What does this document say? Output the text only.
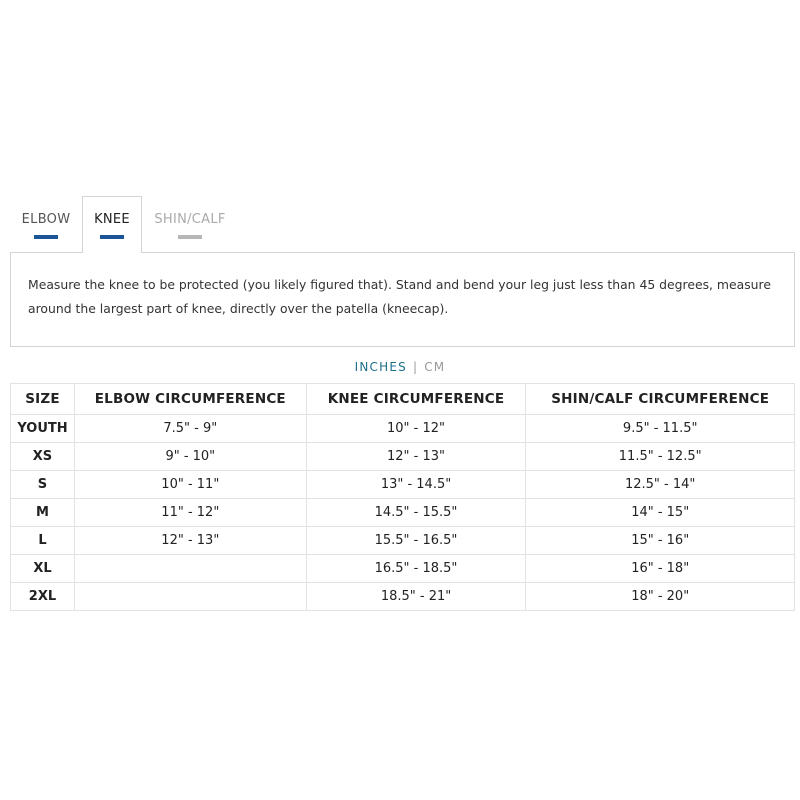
ELBOW KNEE SHIN/CALF
Measure the knee to be protected (you likely figured that). Stand and bend your leg just less than 45 degrees, measure around the largest part of knee, directly over the patella (kneecap).
INCHES | CM
SIZE	ELBOW CIRCUMFERENCE	KNEE CIRCUMFERENCE	SHIN/CALF CIRCUMFERENCE
YOUTH	7.5" - 9"	10" - 12"	9.5" - 11.5"
XS	9" - 10"	12" - 13"	11.5" - 12.5"
S	10" - 11"	13" - 14.5"	12.5" - 14"
M	11" - 12"	14.5" - 15.5"	14" - 15"
L	12" - 13"	15.5" - 16.5"	15" - 16"
XL		16.5" - 18.5"	16" - 18"
2XL		18.5" - 21"	18" - 20"
